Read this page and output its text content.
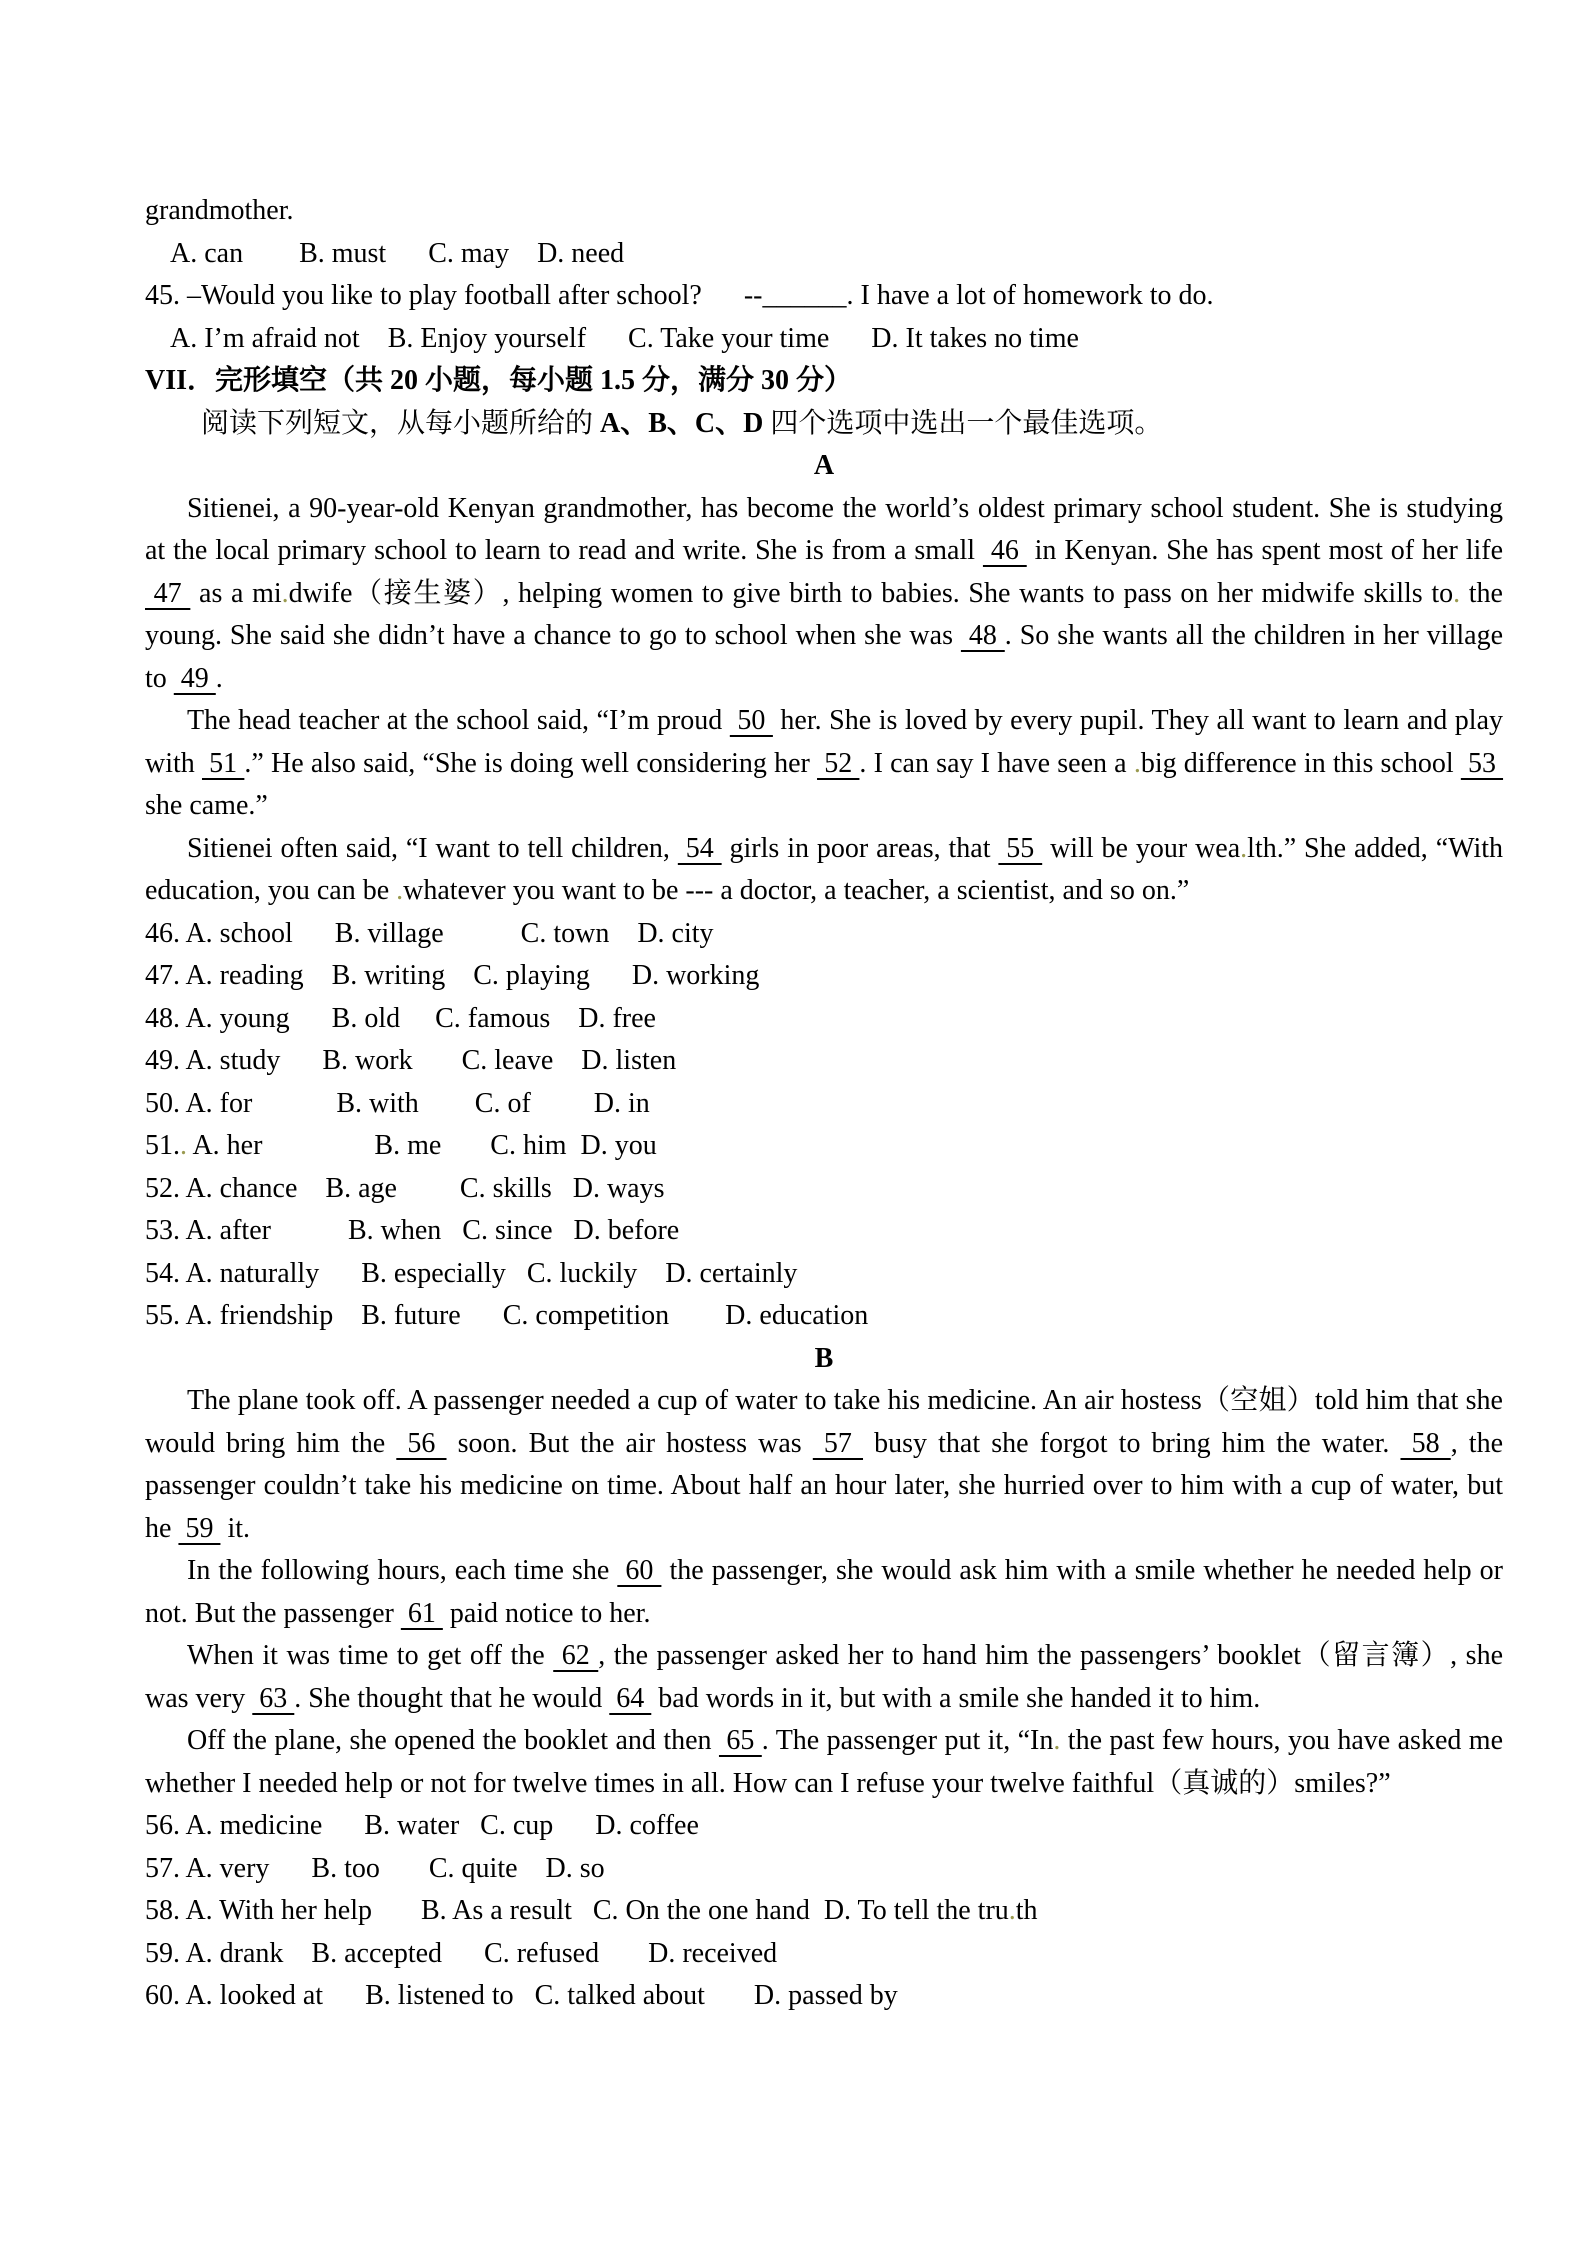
grandmother.

A. can        B. must      C. may    D. need

45. –Would you like to play football after school?      --______. I have a lot of homework to do.

A. I’m afraid not    B. Enjoy yourself      C. Take your time      D. It takes no time

VII．完形填空（共 20 小题，每小题 1.5 分，满分 30 分）

阅读下列短文，从每小题所给的 A、B、C、D 四个选项中选出一个最佳选项。

A

Sitienei, a 90-year-old Kenyan grandmother, has become the world’s oldest primary school student. She is studying at the local primary school to learn to read and write. She is from a small  46  in Kenyan. She has spent most of her life  47  as a mi.dwife（接生婆）, helping women to give birth to babies. She wants to pass on her midwife skills to. the young. She said she didn’t have a chance to go to school when she was  48 . So she wants all the children in her village to  49 .

The head teacher at the school said, “I’m proud  50  her. She is loved by every pupil. They all want to learn and play with  51 .” He also said, “She is doing well considering her  52 . I can say I have seen a .big difference in this school  53  she came.”

Sitienei often said, “I want to tell children,  54  girls in poor areas, that  55  will be your wea.lth.” She added, “With education, you can be .whatever you want to be --- a doctor, a teacher, a scientist, and so on.”

46. A. school      B. village           C. town    D. city

47. A. reading    B. writing    C. playing      D. working

48. A. young      B. old     C. famous    D. free

49. A. study      B. work       C. leave    D. listen

50. A. for            B. with        C. of         D. in

51.. A. her                B. me       C. him  D. you

52. A. chance    B. age         C. skills   D. ways

53. A. after           B. when   C. since   D. before

54. A. naturally      B. especially   C. luckily    D. certainly

55. A. friendship    B. future      C. competition        D. education

B

The plane took off. A passenger needed a cup of water to take his medicine. An air hostess（空姐）told him that she would bring him the  56  soon. But the air hostess was  57  busy that she forgot to bring him the water.  58 , the passenger couldn’t take his medicine on time. About half an hour later, she hurried over to him with a cup of water, but he  59  it.

In the following hours, each time she  60  the passenger, she would ask him with a smile whether he needed help or not. But the passenger  61  paid notice to her.

When it was time to get off the  62 , the passenger asked her to hand him the passengers’ booklet（留言簿）, she was very  63 . She thought that he would  64  bad words in it, but with a smile she handed it to him.

Off the plane, she opened the booklet and then  65 . The passenger put it, “In. the past few hours, you have asked me whether I needed help or not for twelve times in all. How can I refuse your twelve faithful（真诚的）smiles?”

56. A. medicine      B. water   C. cup      D. coffee

57. A. very      B. too       C. quite    D. so

58. A. With her help       B. As a result   C. On the one hand  D. To tell the tru.th

59. A. drank    B. accepted      C. refused       D. received

60. A. looked at      B. listened to   C. talked about       D. passed by
